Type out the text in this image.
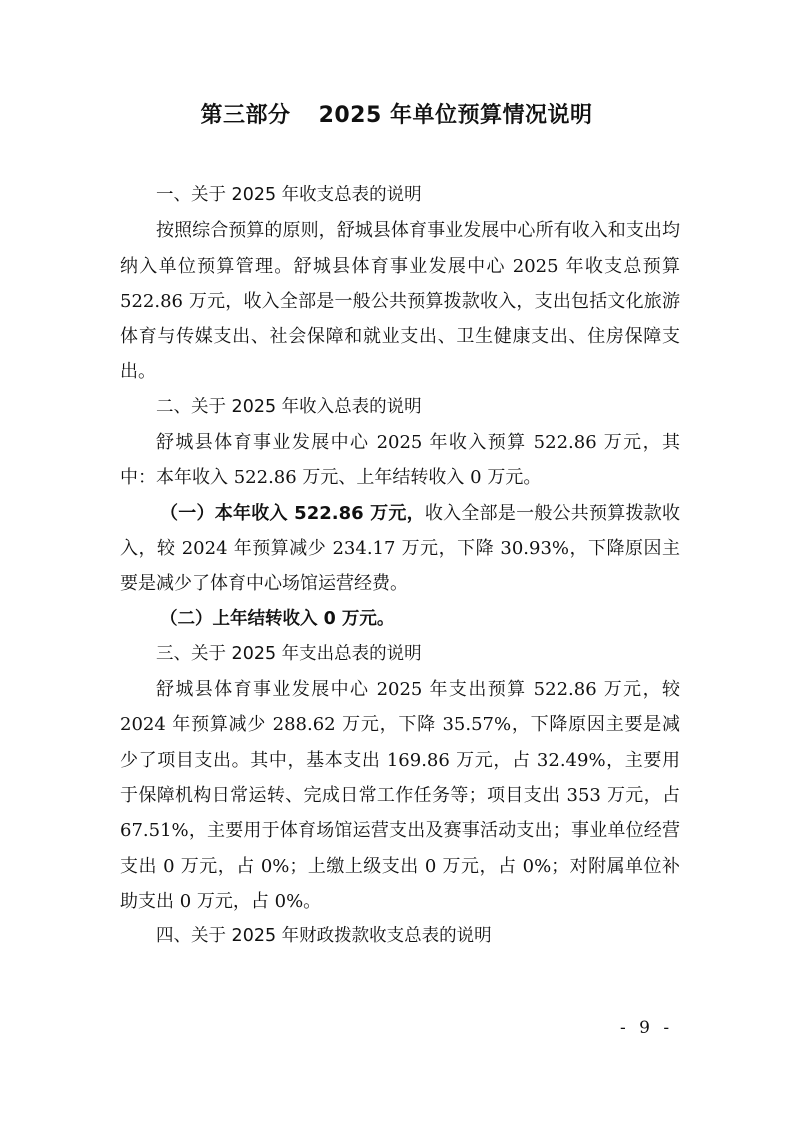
第三部分 2025 年单位预算情况说明

一、关于 2025 年收支总表的说明

按照综合预算的原则，舒城县体育事业发展中心所有收入和支出均纳入单位预算管理。舒城县体育事业发展中心 2025 年收支总预算 522.86 万元，收入全部是一般公共预算拨款收入，支出包括文化旅游体育与传媒支出、社会保障和就业支出、卫生健康支出、住房保障支出。

二、关于 2025 年收入总表的说明

舒城县体育事业发展中心 2025 年收入预算 522.86 万元，其中：本年收入 522.86 万元、上年结转收入 0 万元。

（一）本年收入 522.86 万元，收入全部是一般公共预算拨款收入，较 2024 年预算减少 234.17 万元，下降 30.93%，下降原因主要是减少了体育中心场馆运营经费。

（二）上年结转收入 0 万元。

三、关于 2025 年支出总表的说明

舒城县体育事业发展中心 2025 年支出预算 522.86 万元，较 2024 年预算减少 288.62 万元，下降 35.57%，下降原因主要是减少了项目支出。其中，基本支出 169.86 万元，占 32.49%，主要用于保障机构日常运转、完成日常工作任务等；项目支出 353 万元，占 67.51%，主要用于体育场馆运营支出及赛事活动支出；事业单位经营支出 0 万元，占 0%；上缴上级支出 0 万元，占 0%；对附属单位补助支出 0 万元，占 0%。

四、关于 2025 年财政拨款收支总表的说明

- 9 -
